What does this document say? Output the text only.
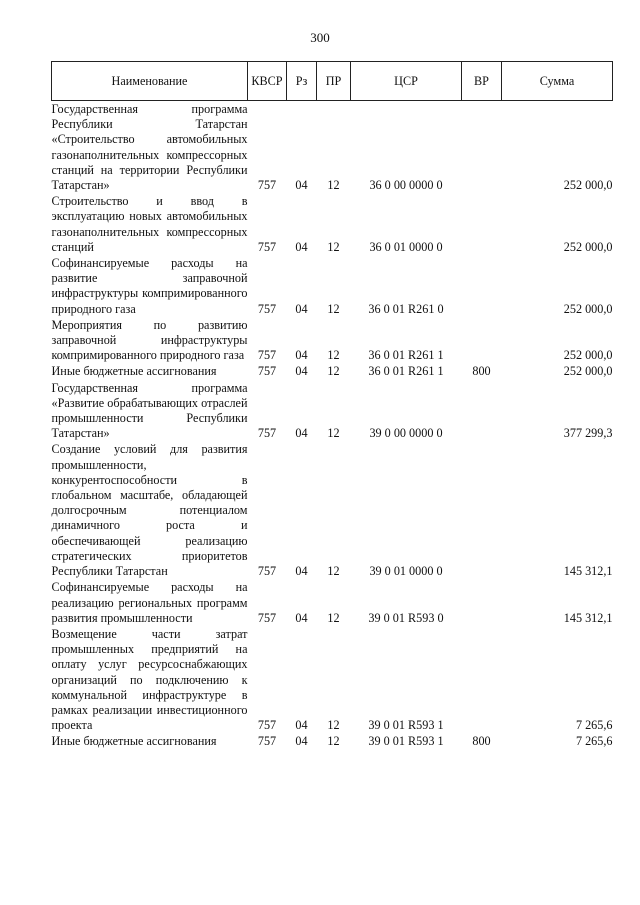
300
Наименование	КВСР	Рз	ПР	ЦСР	ВР	Сумма
Государственная программа Республики Татарстан «Строительство автомобильных газонаполнительных компрессорных станций на территории Республики Татарстан»	757	04	12	36 0 00 0000 0		252 000,0
Строительство и ввод в эксплуатацию новых автомобильных газонаполнительных компрессорных станций	757	04	12	36 0 01 0000 0		252 000,0
Софинансируемые расходы на развитие заправочной инфраструктуры компримированного природного газа	757	04	12	36 0 01 R261 0		252 000,0
Мероприятия по развитию заправочной инфраструктуры компримированного природного газа	757	04	12	36 0 01 R261 1		252 000,0
Иные бюджетные ассигнования	757	04	12	36 0 01 R261 1	800	252 000,0
Государственная программа «Развитие обрабатывающих отраслей промышленности Республики Татарстан»	757	04	12	39 0 00 0000 0		377 299,3
Создание условий для развития промышленности, конкурентоспособности в глобальном масштабе, обладающей долгосрочным потенциалом динамичного роста и обеспечивающей реализацию стратегических приоритетов Республики Татарстан	757	04	12	39 0 01 0000 0		145 312,1
Софинансируемые расходы на реализацию региональных программ развития промышленности	757	04	12	39 0 01 R593 0		145 312,1
Возмещение части затрат промышленных предприятий на оплату услуг ресурсоснабжающих организаций по подключению к коммунальной инфраструктуре в рамках реализации инвестиционного проекта	757	04	12	39 0 01 R593 1		7 265,6
Иные бюджетные ассигнования	757	04	12	39 0 01 R593 1	800	7 265,6
